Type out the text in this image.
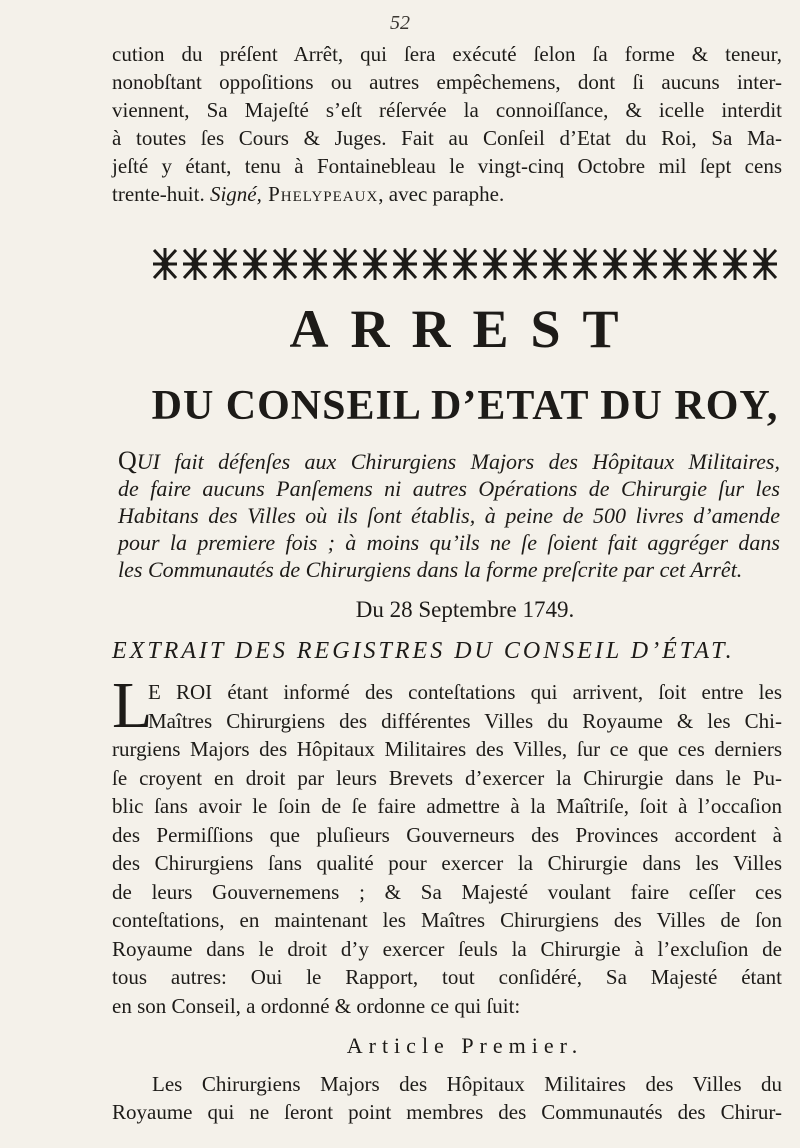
52
cution du préſent Arrêt, qui ſera exécuté ſelon ſa forme & teneur,
nonobſtant oppoſitions ou autres empêchemens, dont ſi aucuns inter-
viennent, Sa Majeſté s’eſt réſervée la connoiſſance, & icelle interdit
à toutes ſes Cours & Juges. Fait au Conſeil d’Etat du Roi, Sa Ma-
jeſté y étant, tenu à Fontainebleau le vingt-cinq Octobre mil ſept cens
trente-huit. Signé, Phelypeaux, avec paraphe.
ARREST
DU CONSEIL D’ETAT DU ROY,
QUI fait défenſes aux Chirurgiens Majors des Hôpitaux Militaires,
de faire aucuns Panſemens ni autres Opérations de Chirurgie ſur les
Habitans des Villes où ils ſont établis, à peine de 500 livres d’amende
pour la premiere fois ; à moins qu’ils ne ſe ſoient fait aggréger dans
les Communautés de Chirurgiens dans la forme preſcrite par cet Arrêt.
Du 28 Septembre 1749.
EXTRAIT DES REGISTRES DU CONSEIL D’ÉTAT.
L
E ROI étant informé des conteſtations qui arrivent, ſoit entre les
Maîtres Chirurgiens des différentes Villes du Royaume & les Chi-
rurgiens Majors des Hôpitaux Militaires des Villes, ſur ce que ces derniers
ſe croyent en droit par leurs Brevets d’exercer la Chirurgie dans le Pu-
blic ſans avoir le ſoin de ſe faire admettre à la Maîtriſe, ſoit à l’occaſion
des Permiſſions que pluſieurs Gouverneurs des Provinces accordent à
des Chirurgiens ſans qualité pour exercer la Chirurgie dans les Villes
de leurs Gouvernemens ; & Sa Majesté voulant faire ceſſer ces
conteſtations, en maintenant les Maîtres Chirurgiens des Villes de ſon
Royaume dans le droit d’y exercer ſeuls la Chirurgie à l’excluſion de
tous autres: Oui le Rapport, tout conſidéré, Sa Majesté étant
en son Conseil, a ordonné & ordonne ce qui ſuit:
Article Premier.
Les Chirurgiens Majors des Hôpitaux Militaires des Villes du
Royaume qui ne ſeront point membres des Communautés des Chirur-
